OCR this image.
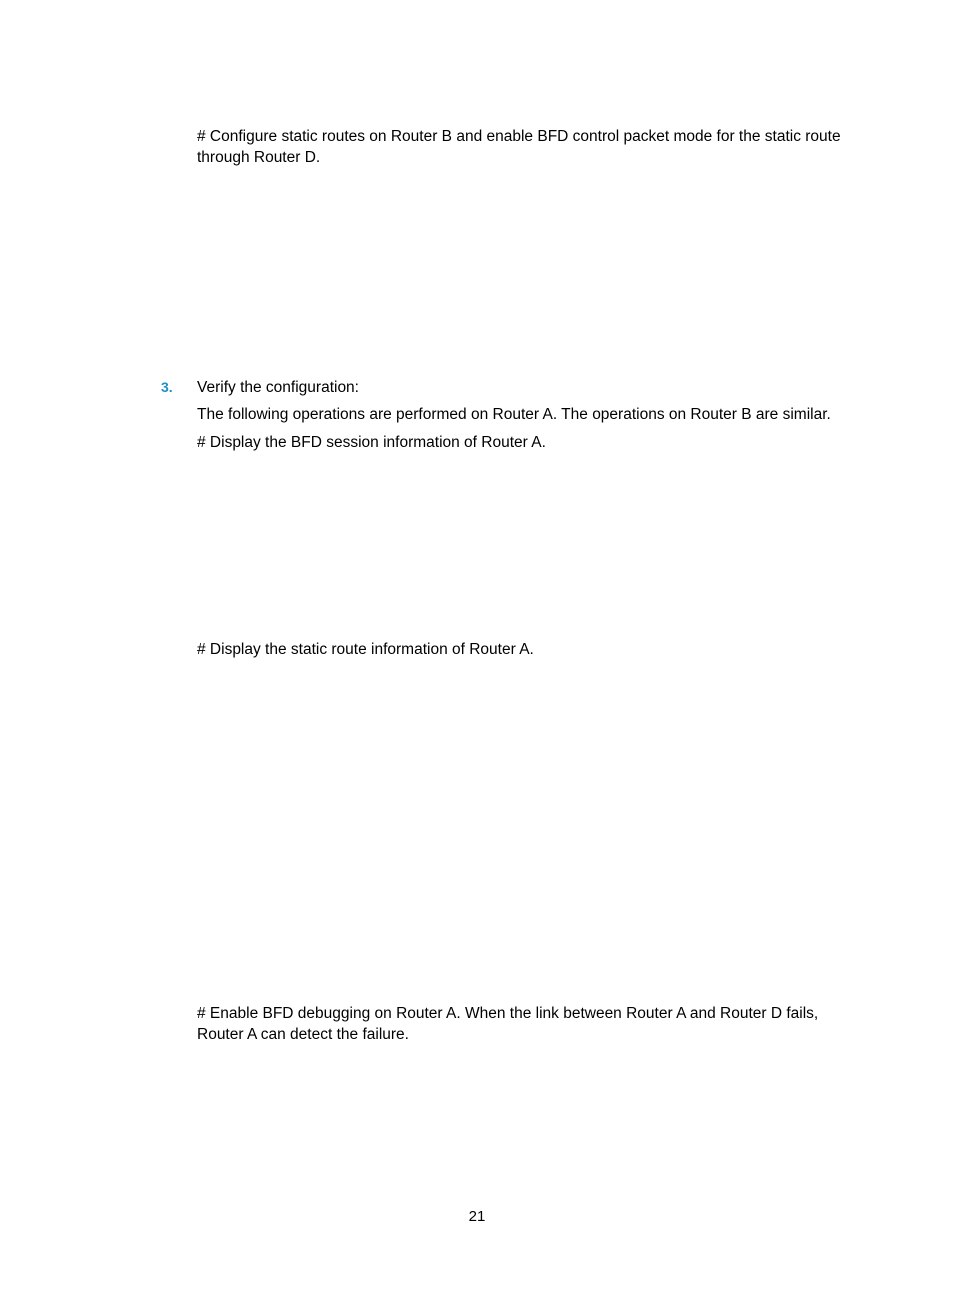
# Configure static routes on Router B and enable BFD control packet mode for the static route through Router D.

3. Verify the configuration:

The following operations are performed on Router A. The operations on Router B are similar.

# Display the BFD session information of Router A.

# Display the static route information of Router A.

# Enable BFD debugging on Router A. When the link between Router A and Router D fails, Router A can detect the failure.

21
